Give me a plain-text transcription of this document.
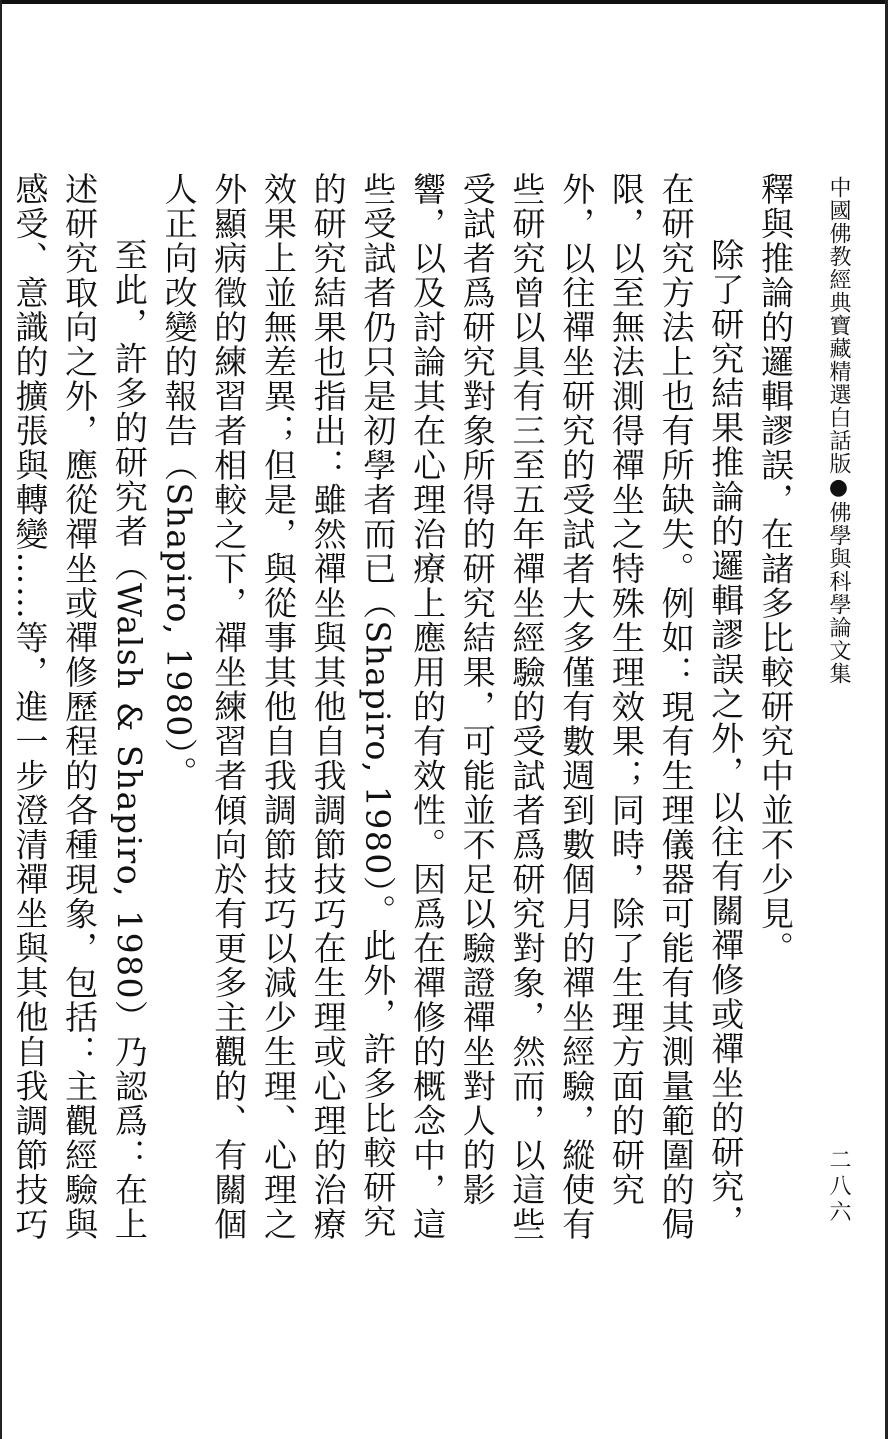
中國佛教經典寶藏精選白話版●佛學與科學論文集
二八六

釋與推論的邏輯謬誤，在諸多比較研究中並不少見。

除了研究結果推論的邏輯謬誤之外，以往有關禪修或禪坐的研究，在研究方法上也有所缺失。例如：現有生理儀器可能有其測量範圍的侷限，以至無法測得禪坐之特殊生理效果；同時，除了生理方面的研究外，以往禪坐研究的受試者大多僅有數週到數個月的禪坐經驗，縱使有些研究曾以具有三至五年禪坐經驗的受試者爲研究對象，然而，以這些受試者爲研究對象所得的研究結果，可能並不足以驗證禪坐對人的影響，以及討論其在心理治療上應用的有效性。因爲在禪修的概念中，這些受試者仍只是初學者而已（Shapiro, 1980）。此外，許多比較研究的研究結果也指出：雖然禪坐與其他自我調節技巧在生理或心理的治療效果上並無差異；但是，與從事其他自我調節技巧以減少生理、心理之外顯病徵的練習者相較之下，禪坐練習者傾向於有更多主觀的、有關個人正向改變的報告（Shapiro, 1980）。

至此，許多的研究者（Walsh & Shapiro, 1980）乃認爲：在上述研究取向之外，應從禪坐或禪修歷程的各種現象，包括：主觀經驗與感受、意識的擴張與轉變……等，進一步澄清禪坐與其他自我調節技巧
